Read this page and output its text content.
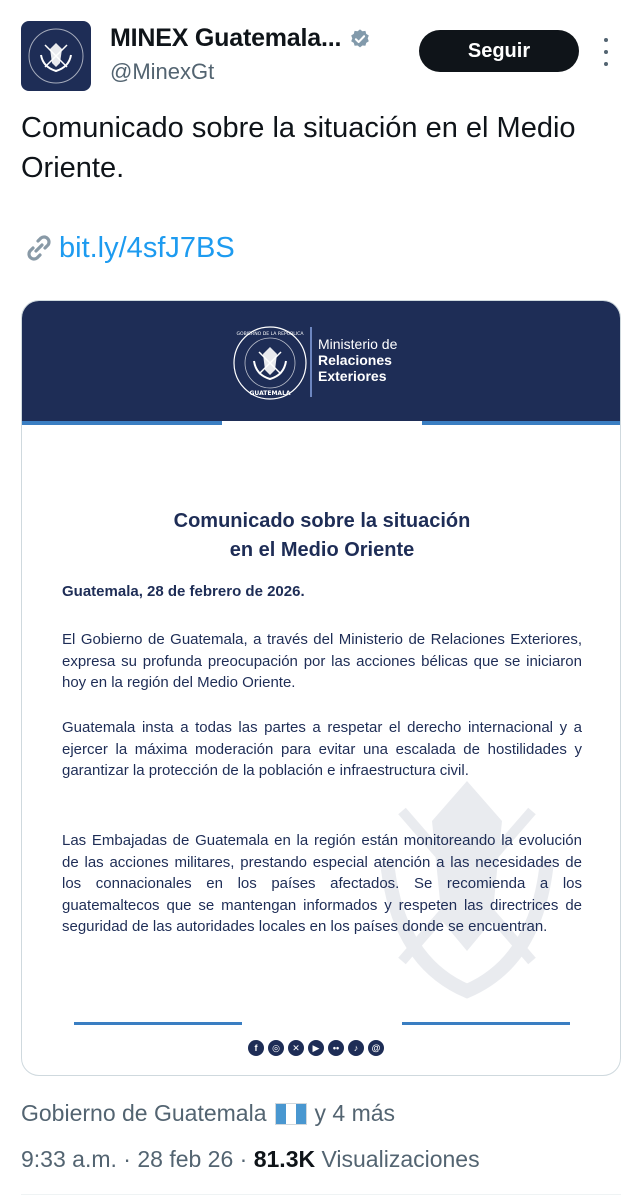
MINEX Guatemala...
@MinexGt
Seguir
Comunicado sobre la situación en el Medio Oriente.
bit.ly/4sfJ7BS
GOBIERNO DE LA REPÚBLICA
GUATEMALA
Ministerio de
Relaciones
Exteriores
Comunicado sobre la situación
en el Medio Oriente
Guatemala, 28 de febrero de 2026.
El Gobierno de Guatemala, a través del Ministerio de Relaciones Exteriores, expresa su profunda preocupación por las acciones bélicas que se iniciaron hoy en la región del Medio Oriente.
Guatemala insta a todas las partes a respetar el derecho internacional y a ejercer la máxima moderación para evitar una escalada de hostilidades y garantizar la protección de la población e infraestructura civil.
Las Embajadas de Guatemala en la región están monitoreando la evolución de las acciones militares, prestando especial atención a las necesidades de los connacionales en los países afectados. Se recomienda a los guatemaltecos que se mantengan informados y respeten las directrices de seguridad de las autoridades locales en los países donde se encuentran.
f	◎	✕	▶	••	♪	@
Gobierno de Guatemala y 4 más
9:33 a.m. · 28 feb 26 · 81.3K Visualizaciones
